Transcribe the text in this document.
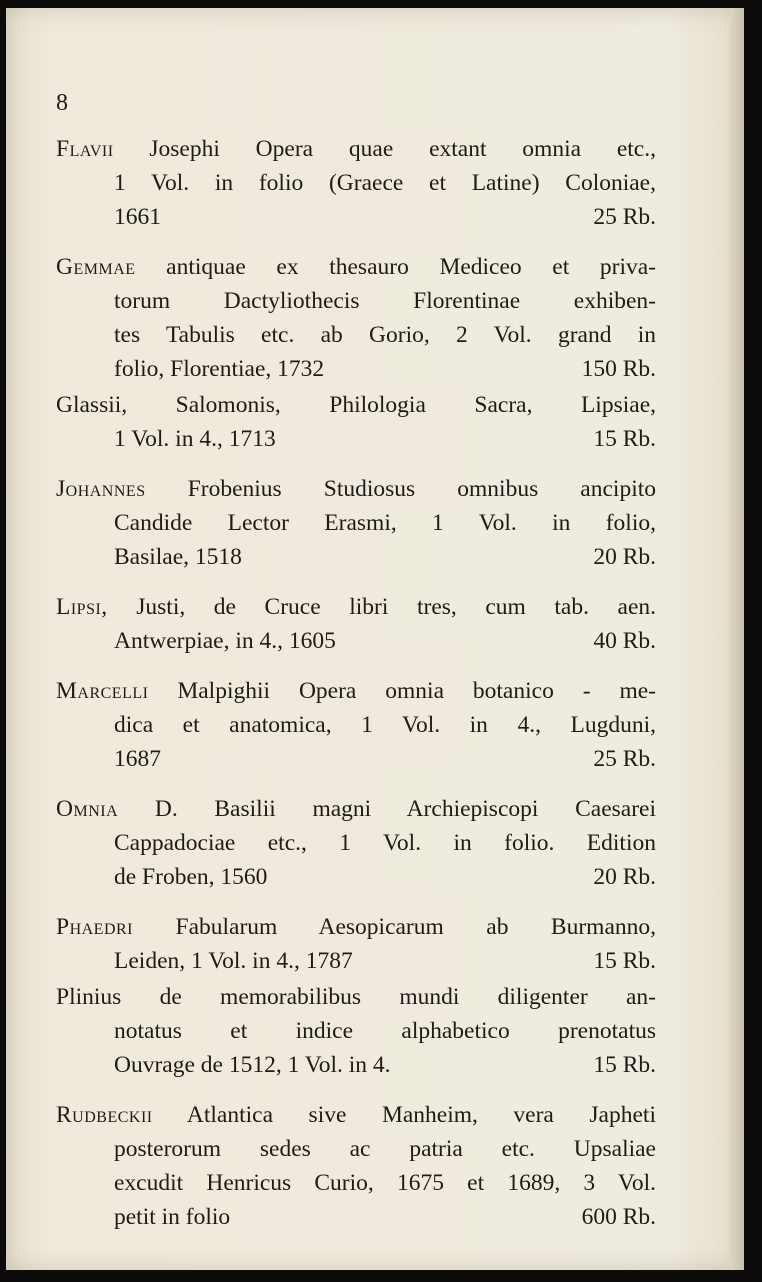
8
Flavii Josephi Opera quae extant omnia etc.,
1 Vol. in folio (Graece et Latine) Coloniae,
1661	25 Rb.
Gemmae antiquae ex thesauro Mediceo et priva-
torum Dactyliothecis Florentinae exhiben-
tes Tabulis etc. ab Gorio, 2 Vol. grand in
folio, Florentiae, 1732	150 Rb.
Glassii, Salomonis, Philologia Sacra, Lipsiae,
1 Vol. in 4., 1713	15 Rb.
Johannes Frobenius Studiosus omnibus ancipito
Candide Lector Erasmi, 1 Vol. in folio,
Basilae, 1518	20 Rb.
Lipsi, Justi, de Cruce libri tres, cum tab. aen.
Antwerpiae, in 4., 1605	40 Rb.
Marcelli Malpighii Opera omnia botanico - me-
dica et anatomica, 1 Vol. in 4., Lugduni,
1687	25 Rb.
Omnia D. Basilii magni Archiepiscopi Caesarei
Cappadociae etc., 1 Vol. in folio. Edition
de Froben, 1560	20 Rb.
Phaedri Fabularum Aesopicarum ab Burmanno,
Leiden, 1 Vol. in 4., 1787	15 Rb.
Plinius de memorabilibus mundi diligenter an-
notatus et indice alphabetico prenotatus
Ouvrage de 1512, 1 Vol. in 4.	15 Rb.
Rudbeckii Atlantica sive Manheim, vera Japheti
posterorum sedes ac patria etc. Upsaliae
excudit Henricus Curio, 1675 et 1689, 3 Vol.
petit in folio	600 Rb.
